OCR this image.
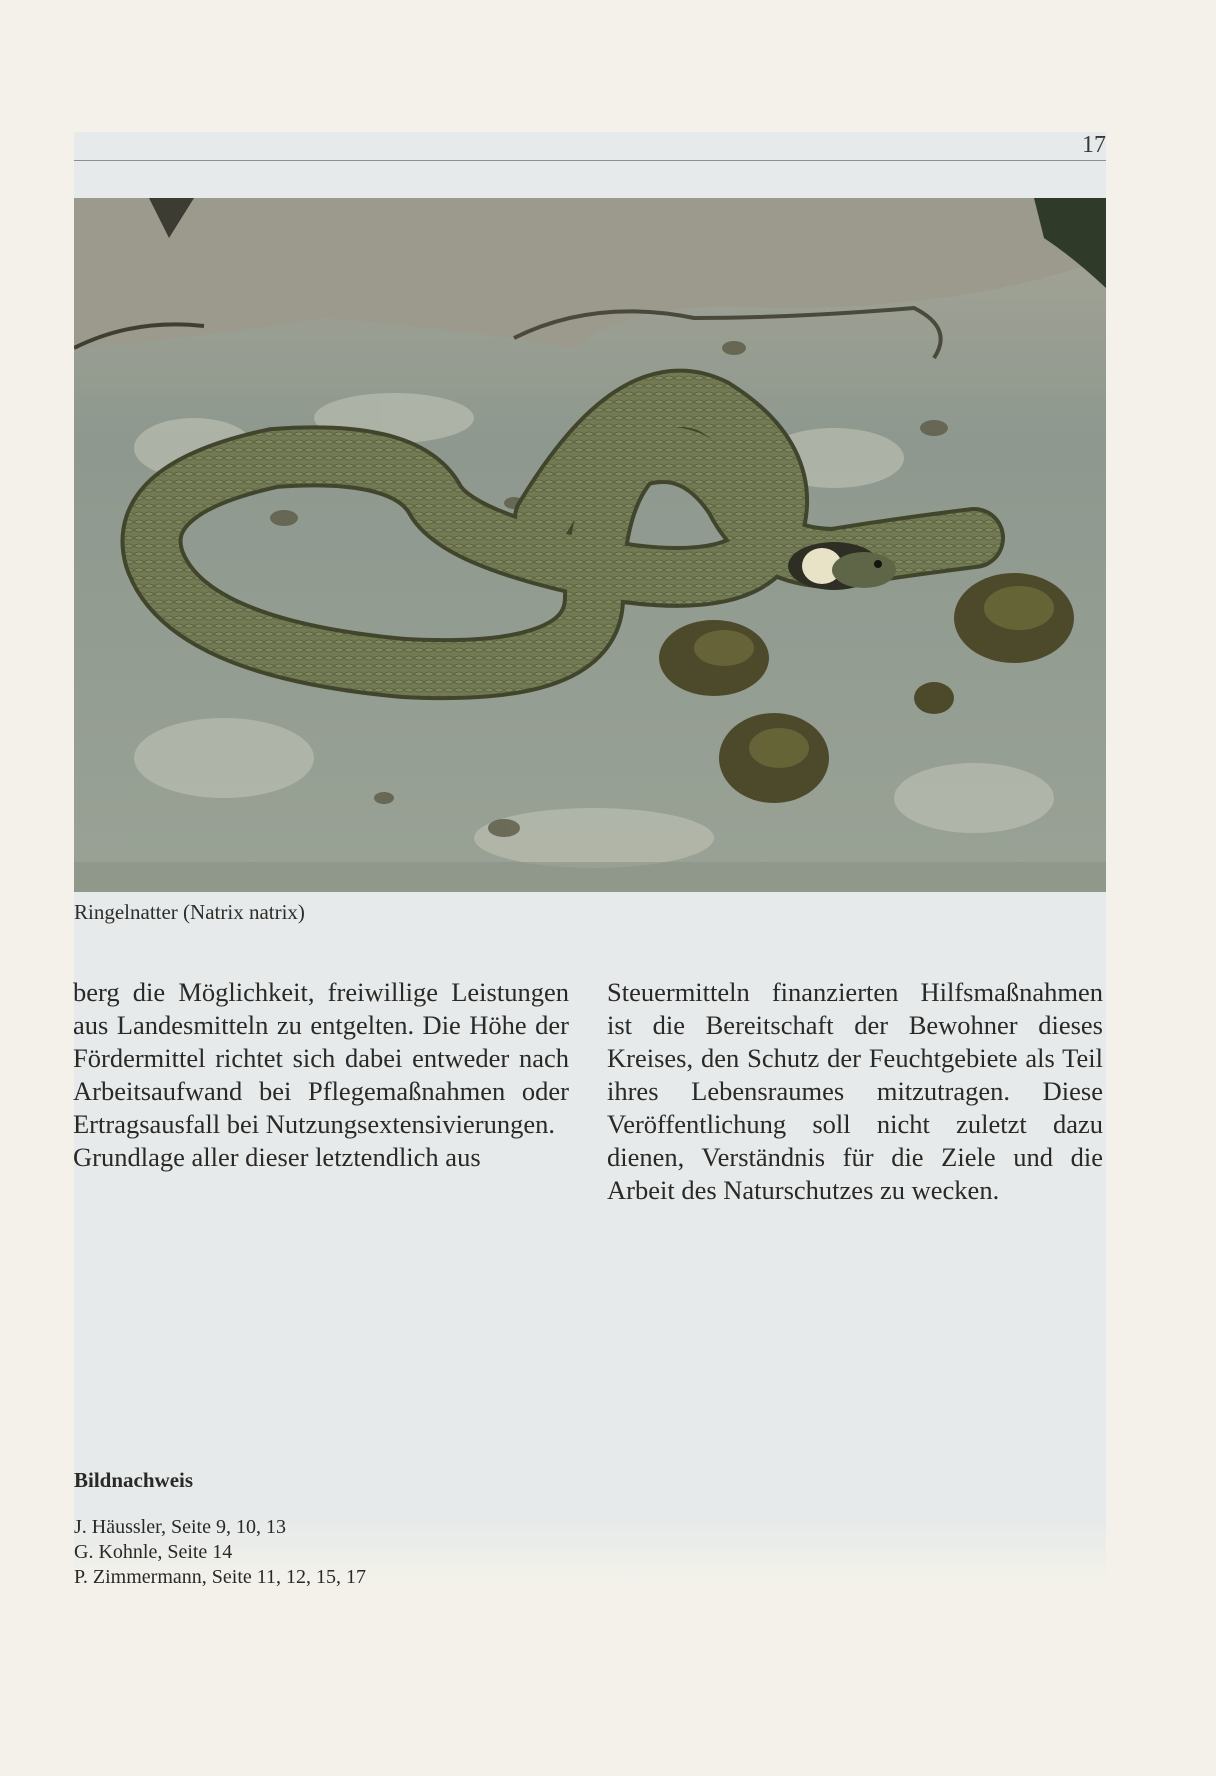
17
Ringelnatter (Natrix natrix)

berg die Möglichkeit, freiwillige Leistungen aus Landesmitteln zu entgelten. Die Höhe der Fördermittel richtet sich dabei entweder nach Arbeitsaufwand bei Pflegemaßnahmen oder Ertragsausfall bei Nutzungsextensivierungen.

Grundlage aller dieser letztendlich aus

Steuermitteln finanzierten Hilfsmaßnahmen ist die Bereitschaft der Bewohner dieses Kreises, den Schutz der Feuchtgebiete als Teil ihres Lebensraumes mitzutragen. Diese Veröffentlichung soll nicht zuletzt dazu dienen, Verständnis für die Ziele und die Arbeit des Naturschutzes zu wecken.

Bildnachweis
J. Häussler, Seite 9, 10, 13
G. Kohnle, Seite 14
P. Zimmermann, Seite 11, 12, 15, 17
